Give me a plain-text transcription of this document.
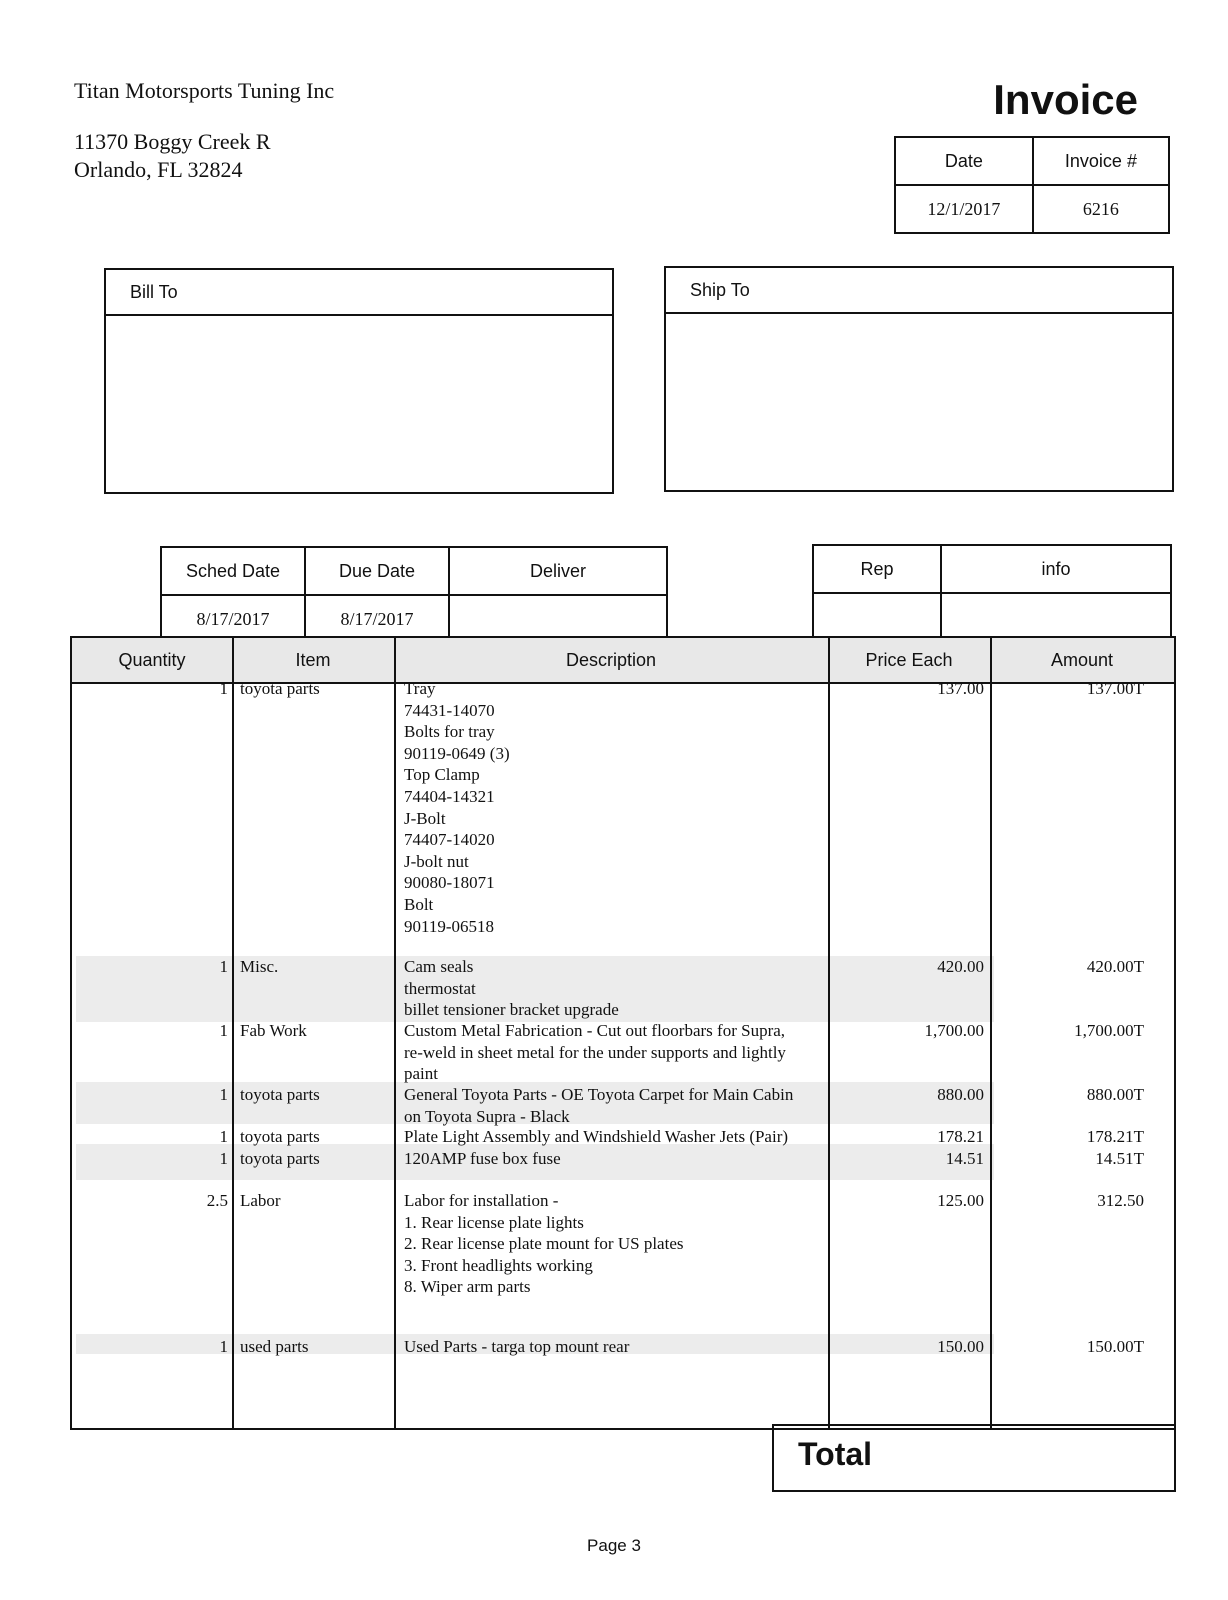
Titan Motorsports Tuning Inc
11370 Boggy Creek R
Orlando, FL 32824
Invoice
Date	Invoice #
12/1/2017	6216
Bill To	Ship To
Sched Date	Due Date	Deliver
8/17/2017	8/17/2017	
Rep	info

Quantity	Item	Description	Price Each	Amount
1 toyota parts	Tray
74431-14070
Bolts for tray
90119-0649 (3)
Top Clamp
74404-14321
J-Bolt
74407-14020
J-bolt nut
90080-18071
Bolt
90119-06518
137.00	137.00T
1 Misc.	Cam seals
thermostat
billet tensioner bracket upgrade
420.00	420.00T
1 Fab Work	Custom Metal Fabrication - Cut out floorbars for Supra,
re-weld in sheet metal for the under supports and lightly
paint
1,700.00	1,700.00T
1 toyota parts	General Toyota Parts - OE Toyota Carpet for Main Cabin
on Toyota Supra - Black
880.00	880.00T
1 toyota parts	Plate Light Assembly and Windshield Washer Jets (Pair)	178.21	178.21T
1 toyota parts	120AMP fuse box fuse	14.51	14.51T
2.5 Labor	Labor for installation -
1. Rear license plate lights
2. Rear license plate mount for US plates
3. Front headlights working
8. Wiper arm parts
125.00	312.50
1 used parts	Used Parts - targa top mount rear	150.00	150.00T
Total
Page 3
